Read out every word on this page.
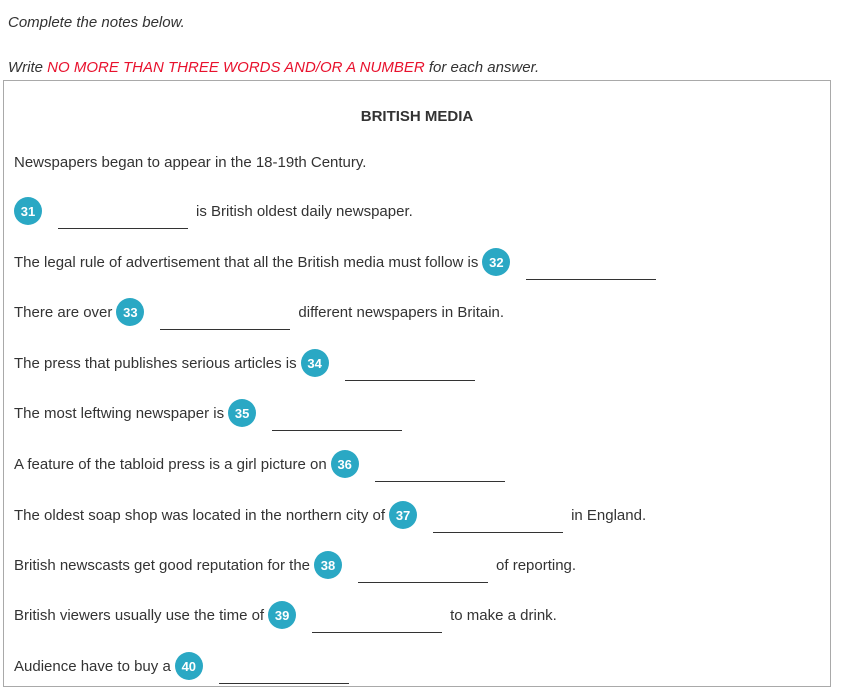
Complete the notes below.
Write NO MORE THAN THREE WORDS AND/OR A NUMBER for each answer.
BRITISH MEDIA
Newspapers began to appear in the 18-19th Century.
31	is British oldest daily newspaper.
The legal rule of advertisement that all the British media must follow is 32
There are over 33	different newspapers in Britain.
The press that publishes serious articles is 34
The most leftwing newspaper is 35
A feature of the tabloid press is a girl picture on 36
The oldest soap shop was located in the northern city of 37	in England.
British newscasts get good reputation for the 38	of reporting.
British viewers usually use the time of 39	to make a drink.
Audience have to buy a 40
